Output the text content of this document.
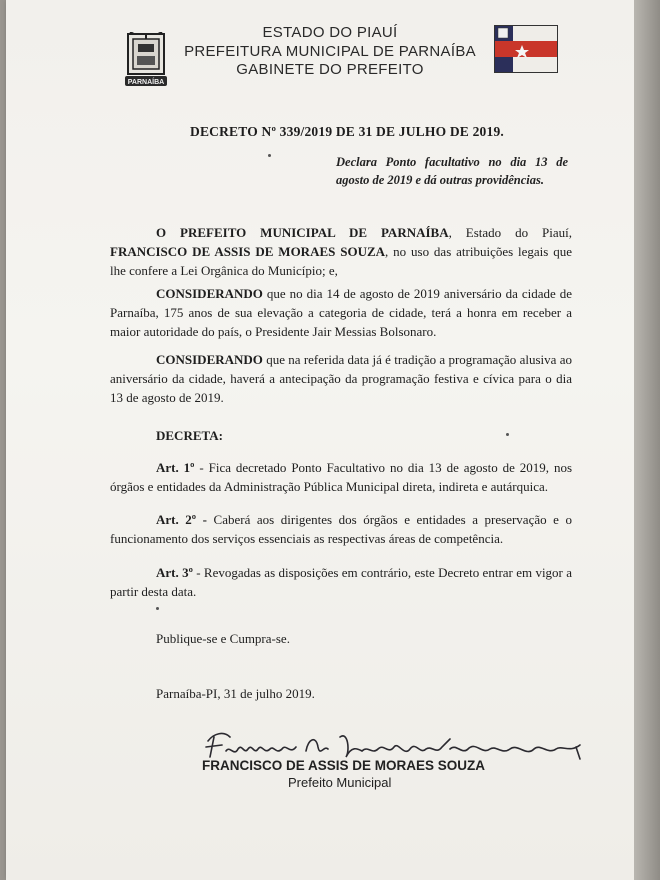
PARNAÍBA
ESTADO DO PIAUÍ
PREFEITURA MUNICIPAL DE PARNAÍBA
GABINETE DO PREFEITO
DECRETO Nº 339/2019 DE 31 DE JULHO DE 2019.
Declara Ponto facultativo no dia 13 de agosto de 2019 e dá outras providências.
O PREFEITO MUNICIPAL DE PARNAÍBA, Estado do Piauí, FRANCISCO DE ASSIS DE MORAES SOUZA, no uso das atribuições legais que lhe confere a Lei Orgânica do Município; e,
CONSIDERANDO que no dia 14 de agosto de 2019 aniversário da cidade de Parnaíba, 175 anos de sua elevação a categoria de cidade, terá a honra em receber a maior autoridade do país, o Presidente Jair Messias Bolsonaro.
CONSIDERANDO que na referida data já é tradição a programação alusiva ao aniversário da cidade, haverá a antecipação da programação festiva e cívica para o dia 13 de agosto de 2019.
DECRETA:
Art. 1º - Fica decretado Ponto Facultativo no dia 13 de agosto de 2019, nos órgãos e entidades da Administração Pública Municipal direta, indireta e autárquica.
Art. 2º - Caberá aos dirigentes dos órgãos e entidades a preservação e o funcionamento dos serviços essenciais as respectivas áreas de competência.
Art. 3º - Revogadas as disposições em contrário, este Decreto entrar em vigor a partir desta data.
Publique-se e Cumpra-se.
Parnaíba-PI, 31 de julho 2019.
FRANCISCO DE ASSIS DE MORAES SOUZA
Prefeito Municipal
